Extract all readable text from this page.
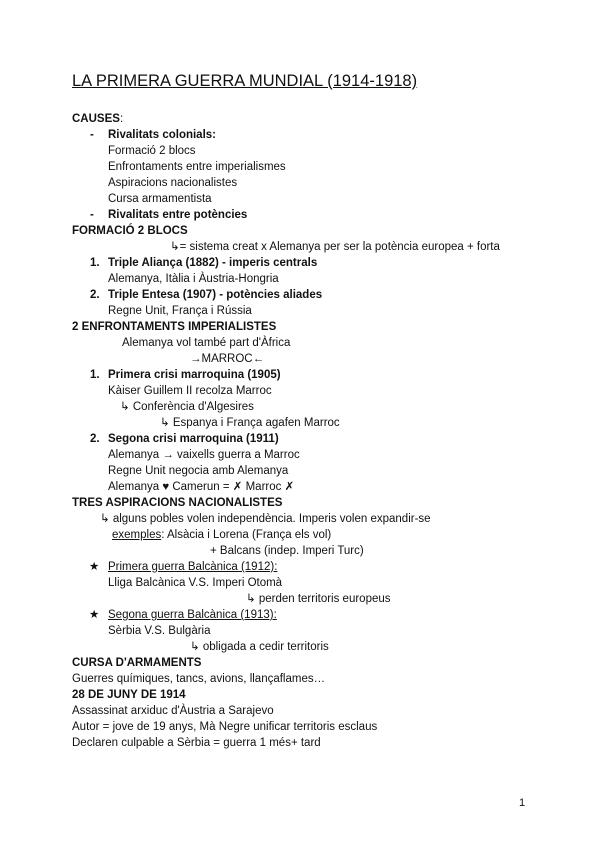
LA PRIMERA GUERRA MUNDIAL (1914-1918)
CAUSES:
- Rivalitats colonials:
Formació 2 blocs
Enfrontaments entre imperialismes
Aspiracions nacionalistes
Cursa armamentista
- Rivalitats entre potències
FORMACIÓ 2 BLOCS
↳= sistema creat x Alemanya per ser la potència europea + forta
1. Triple Aliança (1882) - imperis centrals
Alemanya, Itàlia i Àustria-Hongria
2. Triple Entesa (1907) - potències aliades
Regne Unit, França i Rússia
2 ENFRONTAMENTS IMPERIALISTES
Alemanya vol també part d'Àfrica
→MARROC←
1. Primera crisi marroquina (1905)
Kàiser Guillem II recolza Marroc
↳ Conferència d'Algesires
↳ Espanya i França agafen Marroc
2. Segona crisi marroquina (1911)
Alemanya → vaixells guerra a Marroc
Regne Unit negocia amb Alemanya
Alemanya ♥ Camerun = ✗ Marroc ✗
TRES ASPIRACIONS NACIONALISTES
↳ alguns pobles volen independència. Imperis volen expandir-se
exemples: Alsàcia i Lorena (França els vol)
+ Balcans (indep. Imperi Turc)
★ Primera guerra Balcànica (1912):
Lliga Balcànica V.S. Imperi Otomà
↳ perden territoris europeus
★ Segona guerra Balcànica (1913):
Sèrbia V.S. Bulgària
↳ obligada a cedir territoris
CURSA D'ARMAMENTS
Guerres químiques, tancs, avions, llançaflames…
28 DE JUNY DE 1914
Assassinat arxiduc d'Àustria a Sarajevo
Autor = jove de 19 anys, Mà Negre unificar territoris esclaus
Declaren culpable a Sèrbia = guerra 1 més+ tard
1
